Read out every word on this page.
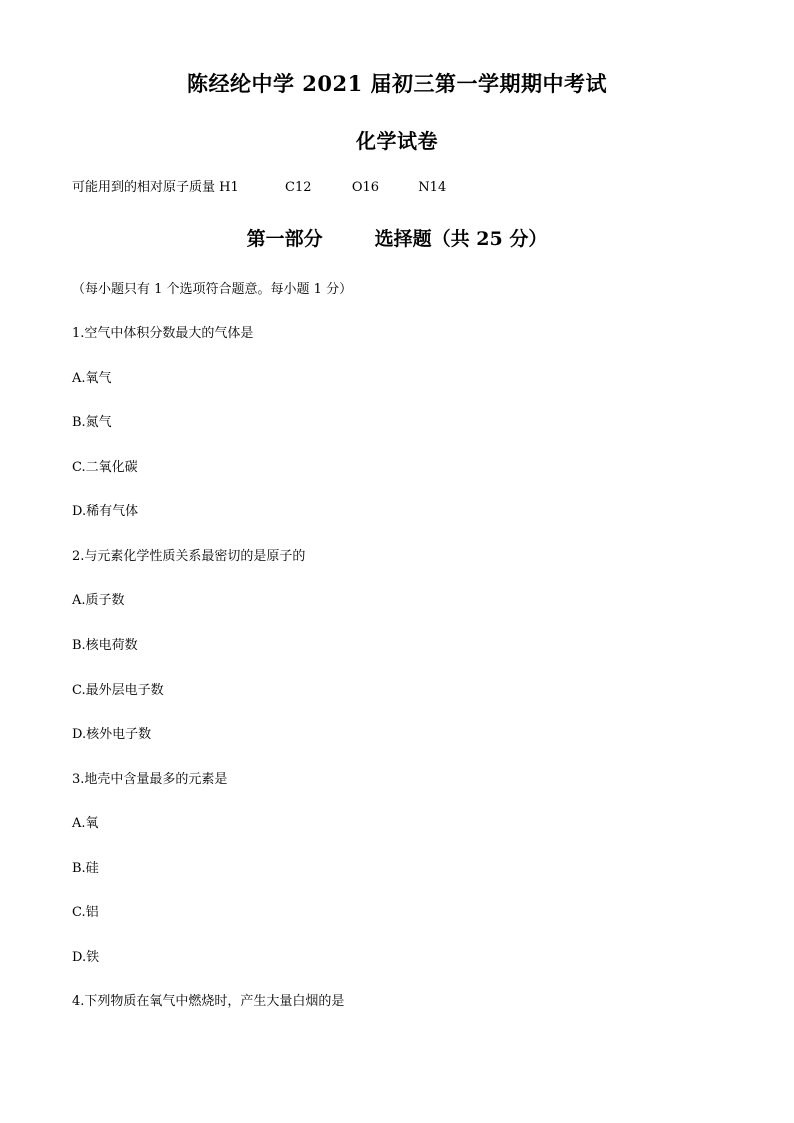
陈经纶中学 2021 届初三第一学期期中考试
化学试卷
可能用到的相对原子质量 H1	C12	O16	N14
第一部分	选择题（共 25 分）
（每小题只有 1 个选项符合题意。每小题 1 分）
1.空气中体积分数最大的气体是
A.氧气
B.氮气
C.二氧化碳
D.稀有气体
2.与元素化学性质关系最密切的是原子的
A.质子数
B.核电荷数
C.最外层电子数
D.核外电子数
3.地壳中含量最多的元素是
A.氧
B.硅
C.铝
D.铁
4.下列物质在氧气中燃烧时，产生大量白烟的是
